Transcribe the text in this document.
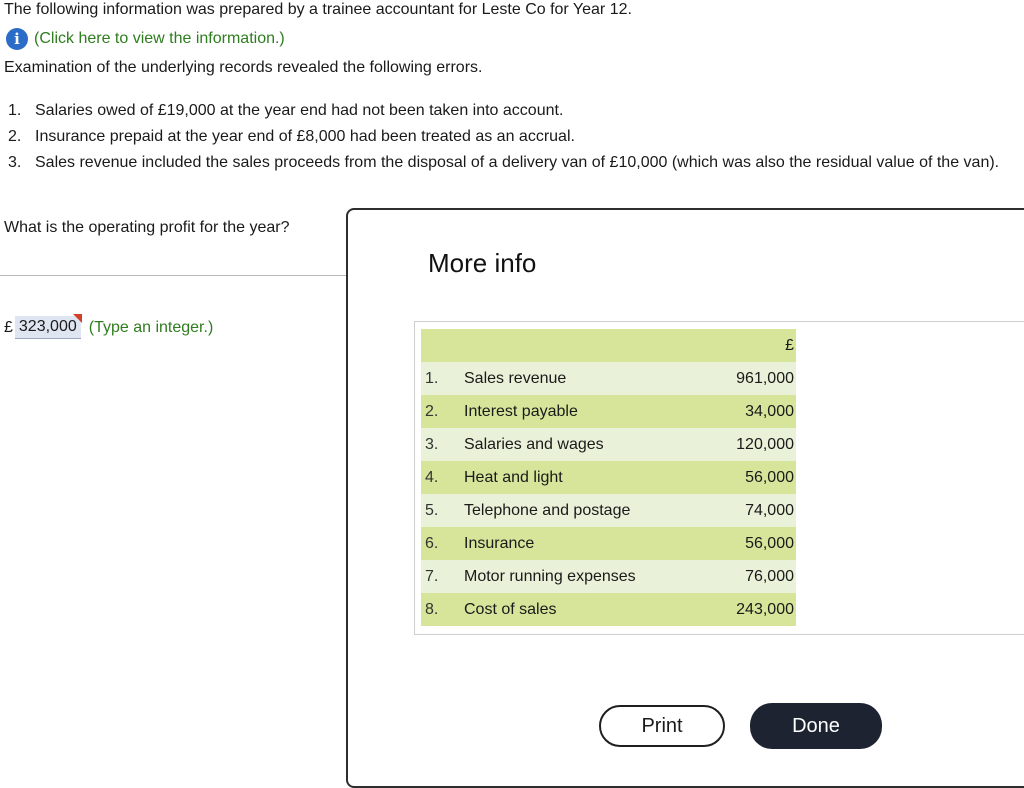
The following information was prepared by a trainee accountant for Leste Co for Year 12.
i (Click here to view the information.)
Examination of the underlying records revealed the following errors.
1. Salaries owed of £19,000 at the year end had not been taken into account.
2. Insurance prepaid at the year end of £8,000 had been treated as an accrual.
3. Sales revenue included the sales proceeds from the disposal of a delivery van of £10,000 (which was also the residual value of the van).
What is the operating profit for the year?
£ 323,000 (Type an integer.)
More info
		£
1.	Sales revenue	961,000
2.	Interest payable	34,000
3.	Salaries and wages	120,000
4.	Heat and light	56,000
5.	Telephone and postage	74,000
6.	Insurance	56,000
7.	Motor running expenses	76,000
8.	Cost of sales	243,000
Print	Done
